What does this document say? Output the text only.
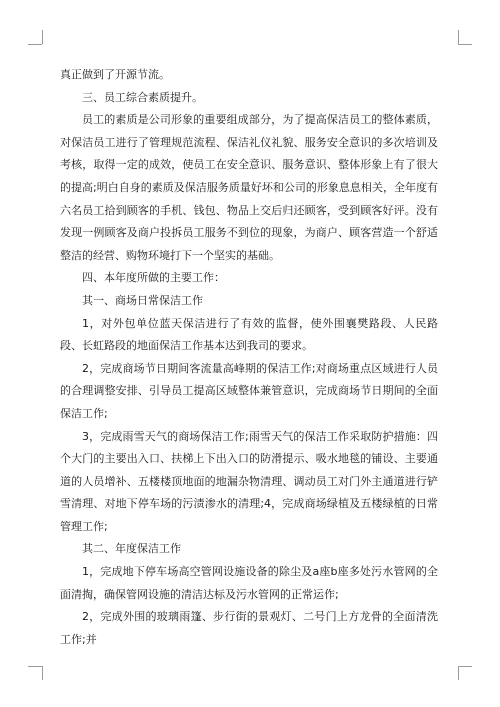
真正做到了开源节流。

三、员工综合素质提升。

员工的素质是公司形象的重要组成部分，为了提高保洁员工的整体素质，对保洁员工进行了管理规范流程、保洁礼仪礼貌、服务安全意识的多次培训及考核，取得一定的成效，使员工在安全意识、服务意识、整体形象上有了很大的提高;明白自身的素质及保洁服务质量好坏和公司的形象息息相关，全年度有六名员工拾到顾客的手机、钱包、物品上交后归还顾客，受到顾客好评。没有发现一例顾客及商户投拆员工服务不到位的现象，为商户、顾客营造一个舒适整洁的经营、购物环境打下一个坚实的基础。

四、本年度所做的主要工作：

其一、商场日常保洁工作

1，对外包单位蓝天保洁进行了有效的监督，使外围襄樊路段、人民路段、长虹路段的地面保洁工作基本达到我司的要求。

2，完成商场节日期间客流量高峰期的保洁工作;对商场重点区域进行人员的合理调整安排、引导员工提高区域整体兼管意识，完成商场节日期间的全面保洁工作;

3，完成雨雪天气的商场保洁工作;雨雪天气的保洁工作采取防护措施：四个大门的主要出入口、扶梯上下出入口的防滑提示、吸水地毯的铺设、主要通道的人员增补、五楼楼顶地面的地漏杂物清理、调动员工对门外主通道进行铲雪清理、对地下停车场的污渍渗水的清理;4，完成商场绿植及五楼绿植的日常管理工作;

其二、年度保洁工作

1，完成地下停车场高空管网设施设备的除尘及a座b座多处污水管网的全面清掏，确保管网设施的清洁达标及污水管网的正常运作;

2，完成外围的玻璃雨篷、步行街的景观灯、二号门上方龙骨的全面清洗工作;并
